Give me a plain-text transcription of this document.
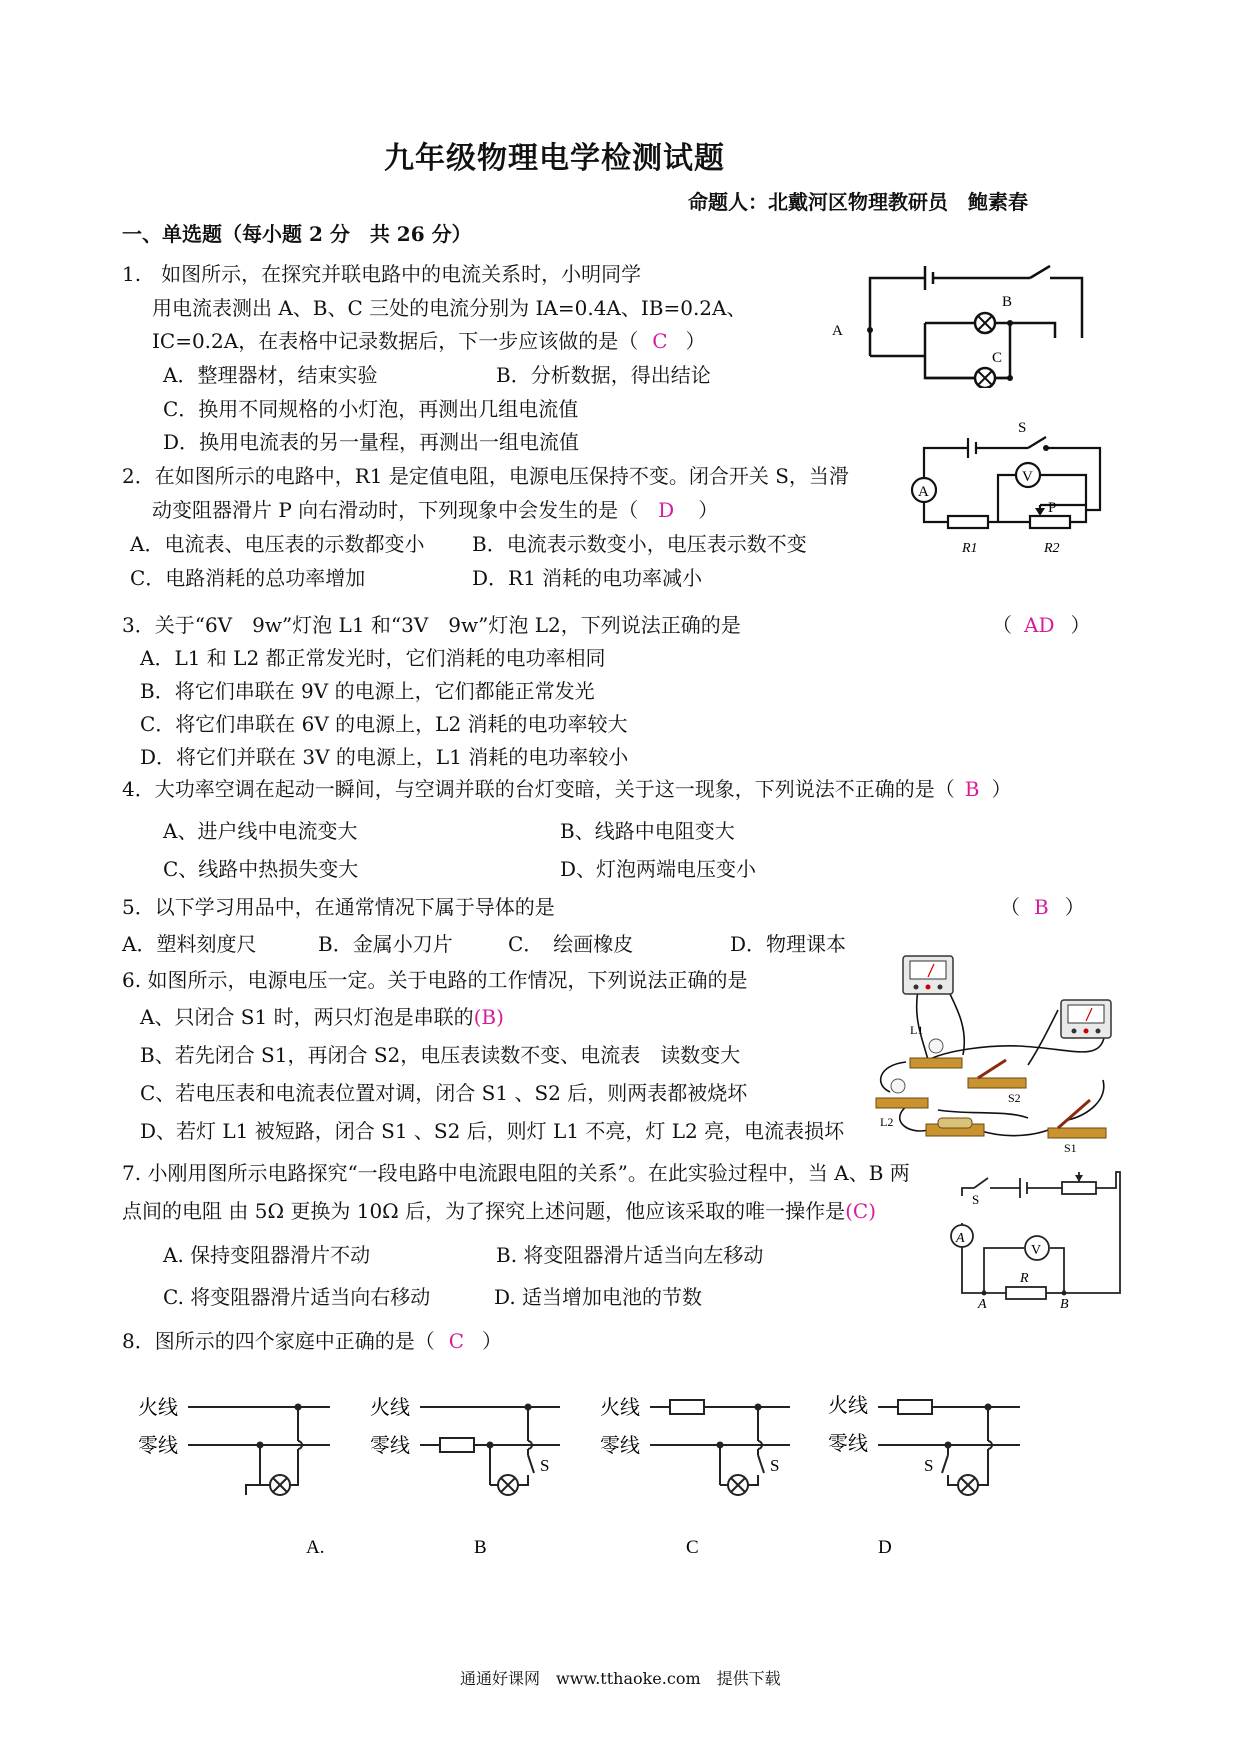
九年级物理电学检测试题
命题人：北戴河区物理教研员　鲍素春
一、单选题（每小题 2 分　共 26 分）
1.　如图所示，在探究并联电路中的电流关系时，小明同学
用电流表测出 A、B、C 三处的电流分别为 IA=0.4A、IB=0.2A、
IC=0.2A，在表格中记录数据后，下一步应该做的是（ C ）
A．整理器材，结束实验	B．分析数据，得出结论
C．换用不同规格的小灯泡，再测出几组电流值
D．换用电流表的另一量程，再测出一组电流值
A
B
C
2．在如图所示的电路中，R1 是定值电阻，电源电压保持不变。闭合开关 S，当滑
动变阻器滑片 P 向右滑动时，下列现象中会发生的是（ D ）
A．电流表、电压表的示数都变小 B．电流表示数变小，电压表示数不变
C．电路消耗的总功率增加	D．R1 消耗的电功率减小
V
A
S
P
R1	R2
3．关于“6V　9w”灯泡 L1 和“3V　9w”灯泡 L2，下列说法正确的是	（ AD ）
A．L1 和 L2 都正常发光时，它们消耗的电功率相同
B．将它们串联在 9V 的电源上，它们都能正常发光
C．将它们串联在 6V 的电源上，L2 消耗的电功率较大
D．将它们并联在 3V 的电源上，L1 消耗的电功率较小
4．大功率空调在起动一瞬间，与空调并联的台灯变暗，关于这一现象，下列说法不正确的是（ B ）
A、进户线中电流变大	B、线路中电阻变大
C、线路中热损失变大	D、灯泡两端电压变小
5．以下学习用品中，在通常情况下属于导体的是	（ B ）
A．塑料刻度尺	B．金属小刀片	C．　绘画橡皮	D．物理课本
6. 如图所示，电源电压一定。关于电路的工作情况，下列说法正确的是
A、只闭合 S1 时，两只灯泡是串联的(B)
B、若先闭合 S1，再闭合 S2，电压表读数不变、电流表　读数变大
C、若电压表和电流表位置对调，闭合 S1 、S2 后，则两表都被烧坏
D、若灯 L1 被短路，闭合 S1 、S2 后，则灯 L1 不亮，灯 L2 亮，电流表损坏
L1
L2
S2
S1
7. 小刚用图所示电路探究“一段电路中电流跟电阻的关系”。在此实验过程中，当 A、B 两
点间的电阻 由 5Ω 更换为 10Ω 后，为了探究上述问题，他应该采取的唯一操作是(C)
A. 保持变阻器滑片不动	B. 将变阻器滑片适当向左移动
C. 将变阻器滑片适当向右移动	D. 适当增加电池的节数
A
V
S
R
A	B
8．图所示的四个家庭中正确的是（ C ）
火线
零线
火线
零线
火线
零线
火线
零线
S	S	S
A.	B	C	D
通通好课网　www.tthaoke.com　提供下载
